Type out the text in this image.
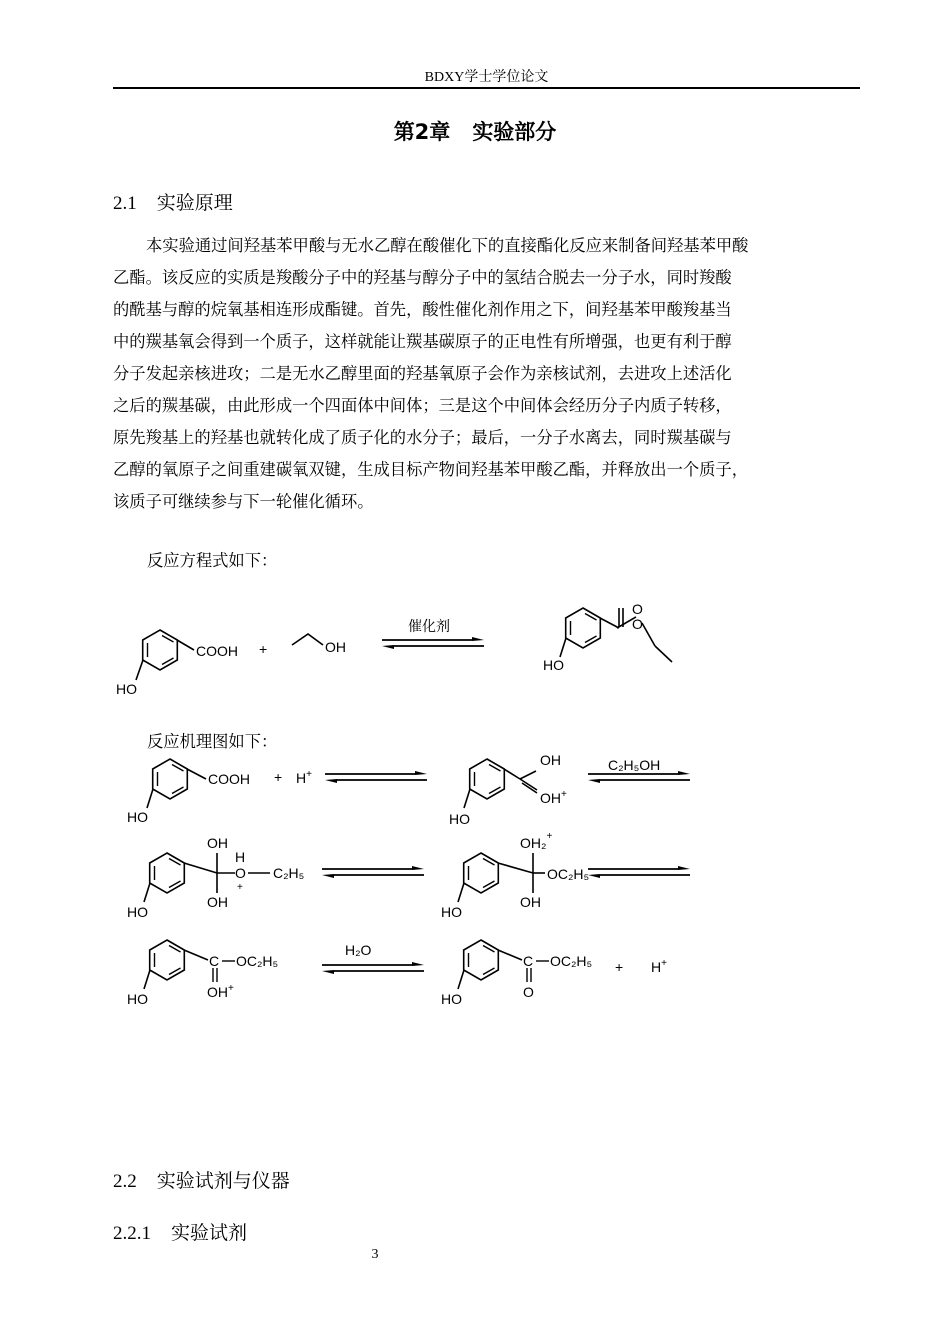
BDXY学士学位论文
第2章 实验部分
2.1 实验原理

本实验通过间羟基苯甲酸与无水乙醇在酸催化下的直接酯化反应来制备间羟基苯甲酸
乙酯。该反应的实质是羧酸分子中的羟基与醇分子中的氢结合脱去一分子水，同时羧酸
的酰基与醇的烷氧基相连形成酯键。首先，酸性催化剂作用之下，间羟基苯甲酸羧基当
中的羰基氧会得到一个质子，这样就能让羰基碳原子的正电性有所增强，也更有利于醇
分子发起亲核进攻；二是无水乙醇里面的羟基氧原子会作为亲核试剂，去进攻上述活化
之后的羰基碳，由此形成一个四面体中间体；三是这个中间体会经历分子内质子转移，
原先羧基上的羟基也就转化成了质子化的水分子；最后，一分子水离去，同时羰基碳与
乙醇的氧原子之间重建碳氧双键，生成目标产物间羟基苯甲酸乙酯，并释放出一个质子，
该质子可继续参与下一轮催化循环。

反应方程式如下：
COOH
HO
+	OH
催化剂
O
O
HO
COOH
HO
+ H+
OH
OH+
HO
C₂H₅OH
OH
OH
H
O
+
C₂H₅
HO
OH₂+
OH
OC₂H₅
HO
C
OH+
OC₂H₅
HO
H₂O
C
O
OC₂H₅
HO
+ H+
反应机理图如下：
2.2 实验试剂与仪器
2.2.1 实验试剂
3
